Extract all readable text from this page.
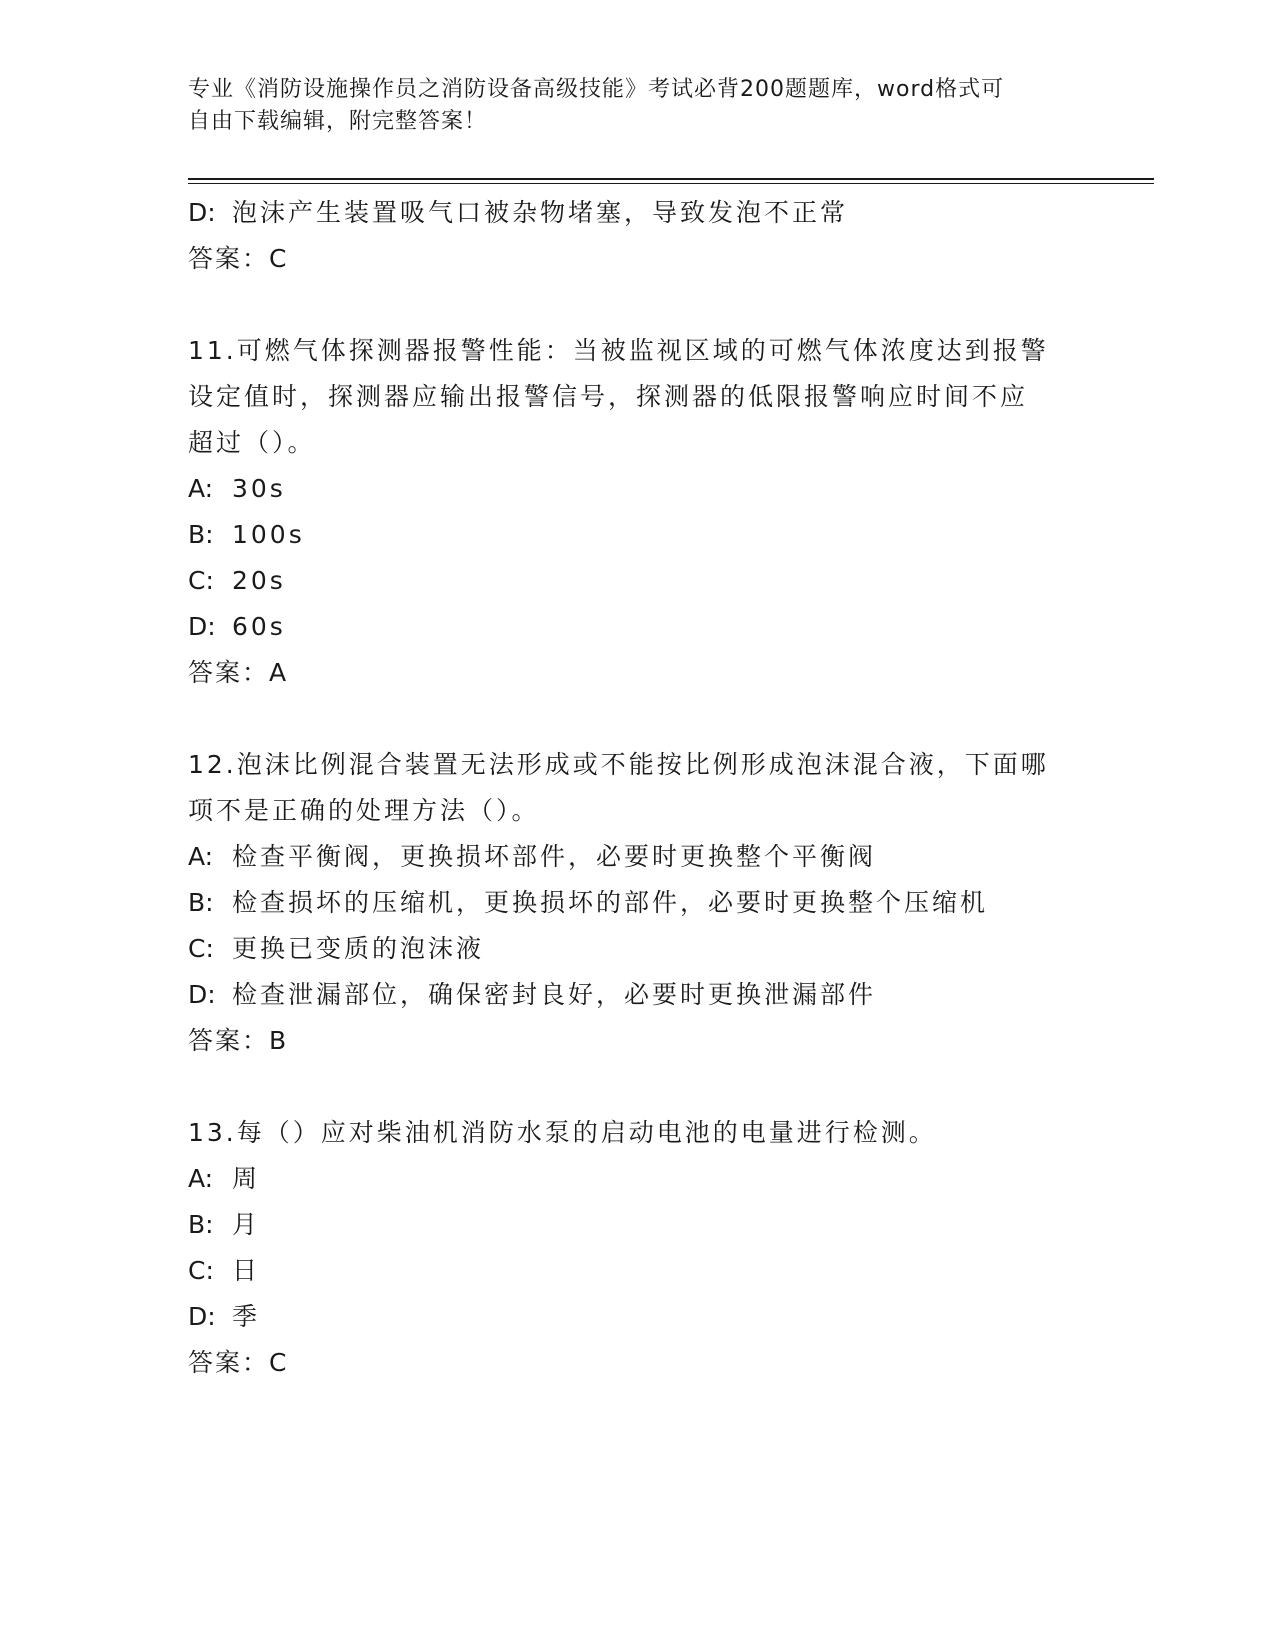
专业《消防设施操作员之消防设备高级技能》考试必背200题题库，word格式可
自由下载编辑，附完整答案！
D: 泡沫产生装置吸气口被杂物堵塞，导致发泡不正常
答案：C
11.可燃气体探测器报警性能：当被监视区域的可燃气体浓度达到报警
设定值时，探测器应输出报警信号，探测器的低限报警响应时间不应
超过（）。
A: 30s
B: 100s
C: 20s
D: 60s
答案：A
12.泡沫比例混合装置无法形成或不能按比例形成泡沫混合液，下面哪
项不是正确的处理方法（）。
A: 检查平衡阀，更换损坏部件，必要时更换整个平衡阀
B: 检查损坏的压缩机，更换损坏的部件，必要时更换整个压缩机
C: 更换已变质的泡沫液
D: 检查泄漏部位，确保密封良好，必要时更换泄漏部件
答案：B
13.每（）应对柴油机消防水泵的启动电池的电量进行检测。
A: 周
B: 月
C: 日
D: 季
答案：C
